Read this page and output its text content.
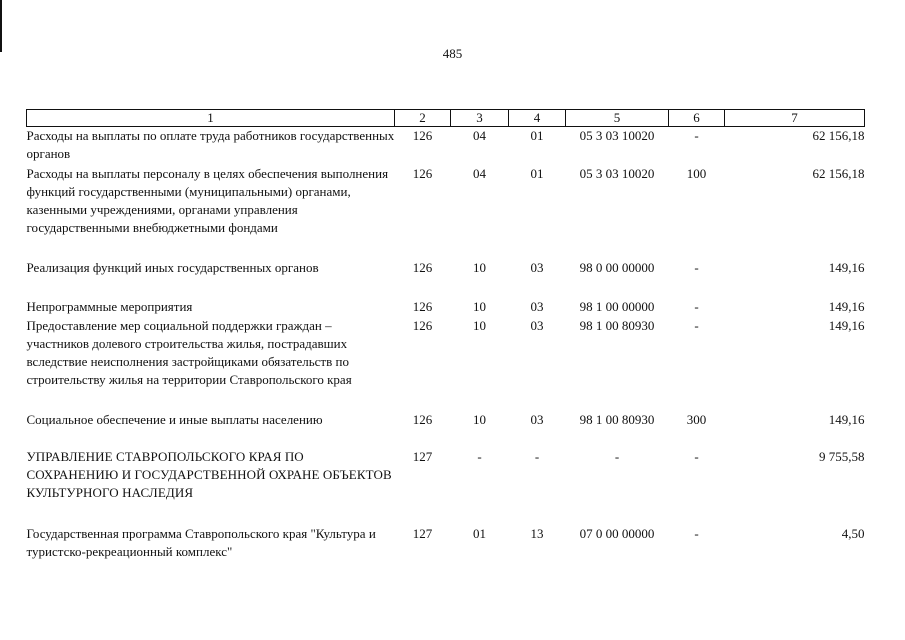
485
1	2	3	4	5	6	7
Расходы на выплаты по оплате труда работников государственных органов	126	04	01	05 3 03 10020	-	62 156,18
Расходы на выплаты персоналу в целях обеспечения выполнения функций государственными (муниципальными) органами, казенными учреждениями, органами управления государственными внебюджетными фондами	126	04	01	05 3 03 10020	100	62 156,18
Реализация функций иных государственных органов	126	10	03	98 0 00 00000	-	149,16
Непрограммные мероприятия	126	10	03	98 1 00 00000	-	149,16
Предоставление мер социальной поддержки граждан – участников долевого строительства жилья, пострадавших вследствие неисполнения застройщиками обязательств по строительству жилья на территории Ставропольского края	126	10	03	98 1 00 80930	-	149,16
Социальное обеспечение и иные выплаты населению	126	10	03	98 1 00 80930	300	149,16
УПРАВЛЕНИЕ СТАВРОПОЛЬСКОГО КРАЯ ПО СОХРАНЕНИЮ И ГОСУДАРСТВЕННОЙ ОХРАНЕ ОБЪЕКТОВ КУЛЬТУРНОГО НАСЛЕДИЯ	127	-	-	-	-	9 755,58
Государственная программа Ставропольского края "Культура и туристско-рекреационный комплекс"	127	01	13	07 0 00 00000	-	4,50
